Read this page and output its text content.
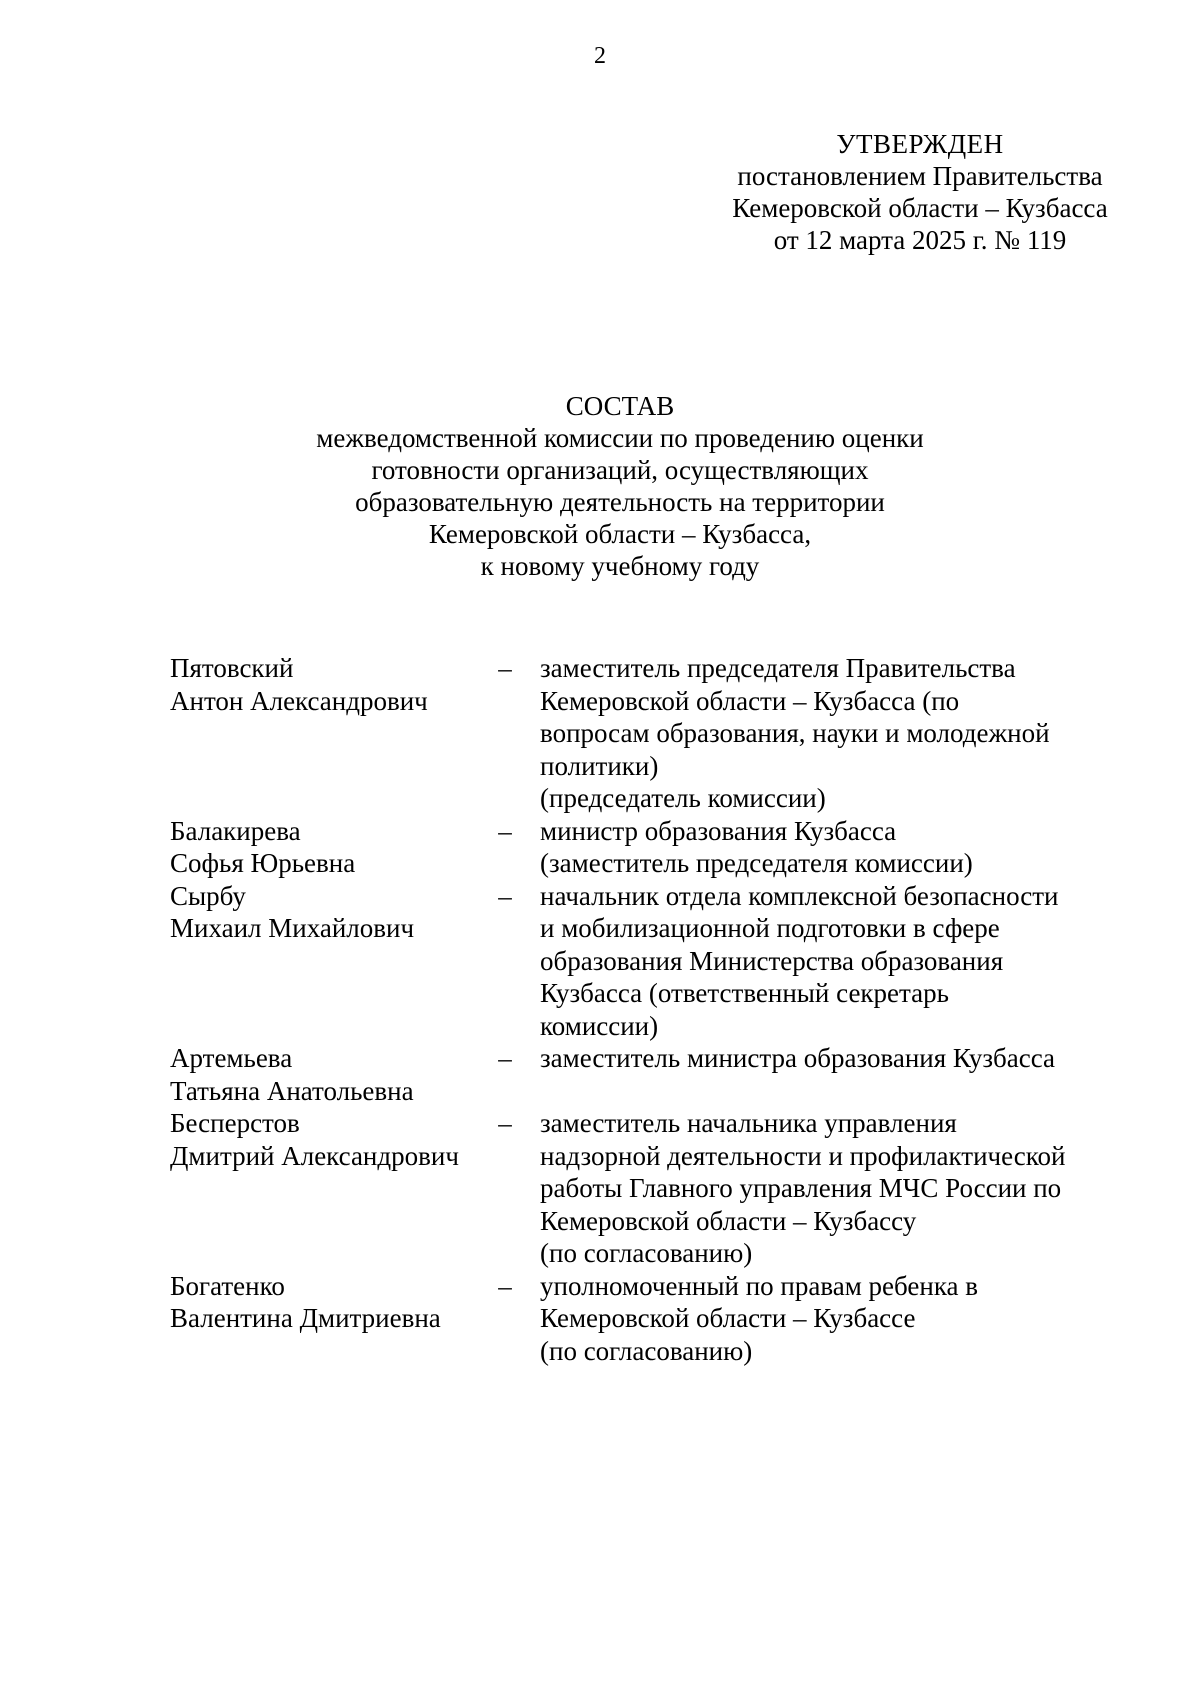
2
УТВЕРЖДЕН
постановлением Правительства
Кемеровской области – Кузбасса
от 12 марта 2025 г. № 119
СОСТАВ
межведомственной комиссии по проведению оценки
готовности организаций, осуществляющих
образовательную деятельность на территории
Кемеровской области – Кузбасса,
к новому учебному году
Пятовский
Антон Александрович
–	заместитель председателя Правительства
Кемеровской области – Кузбасса (по
вопросам образования, науки и молодежной
политики)
(председатель комиссии)
Балакирева
Софья Юрьевна
–	министр образования Кузбасса
(заместитель председателя комиссии)
Сырбу
Михаил Михайлович
–	начальник отдела комплексной безопасности
и мобилизационной подготовки в сфере
образования Министерства образования
Кузбасса (ответственный секретарь
комиссии)
Артемьева
Татьяна Анатольевна
–	заместитель министра образования Кузбасса
Бесперстов
Дмитрий Александрович
–	заместитель начальника управления
надзорной деятельности и профилактической
работы Главного управления МЧС России по
Кемеровской области – Кузбассу
(по согласованию)
Богатенко
Валентина Дмитриевна
–	уполномоченный по правам ребенка в
Кемеровской области – Кузбассе
(по согласованию)
